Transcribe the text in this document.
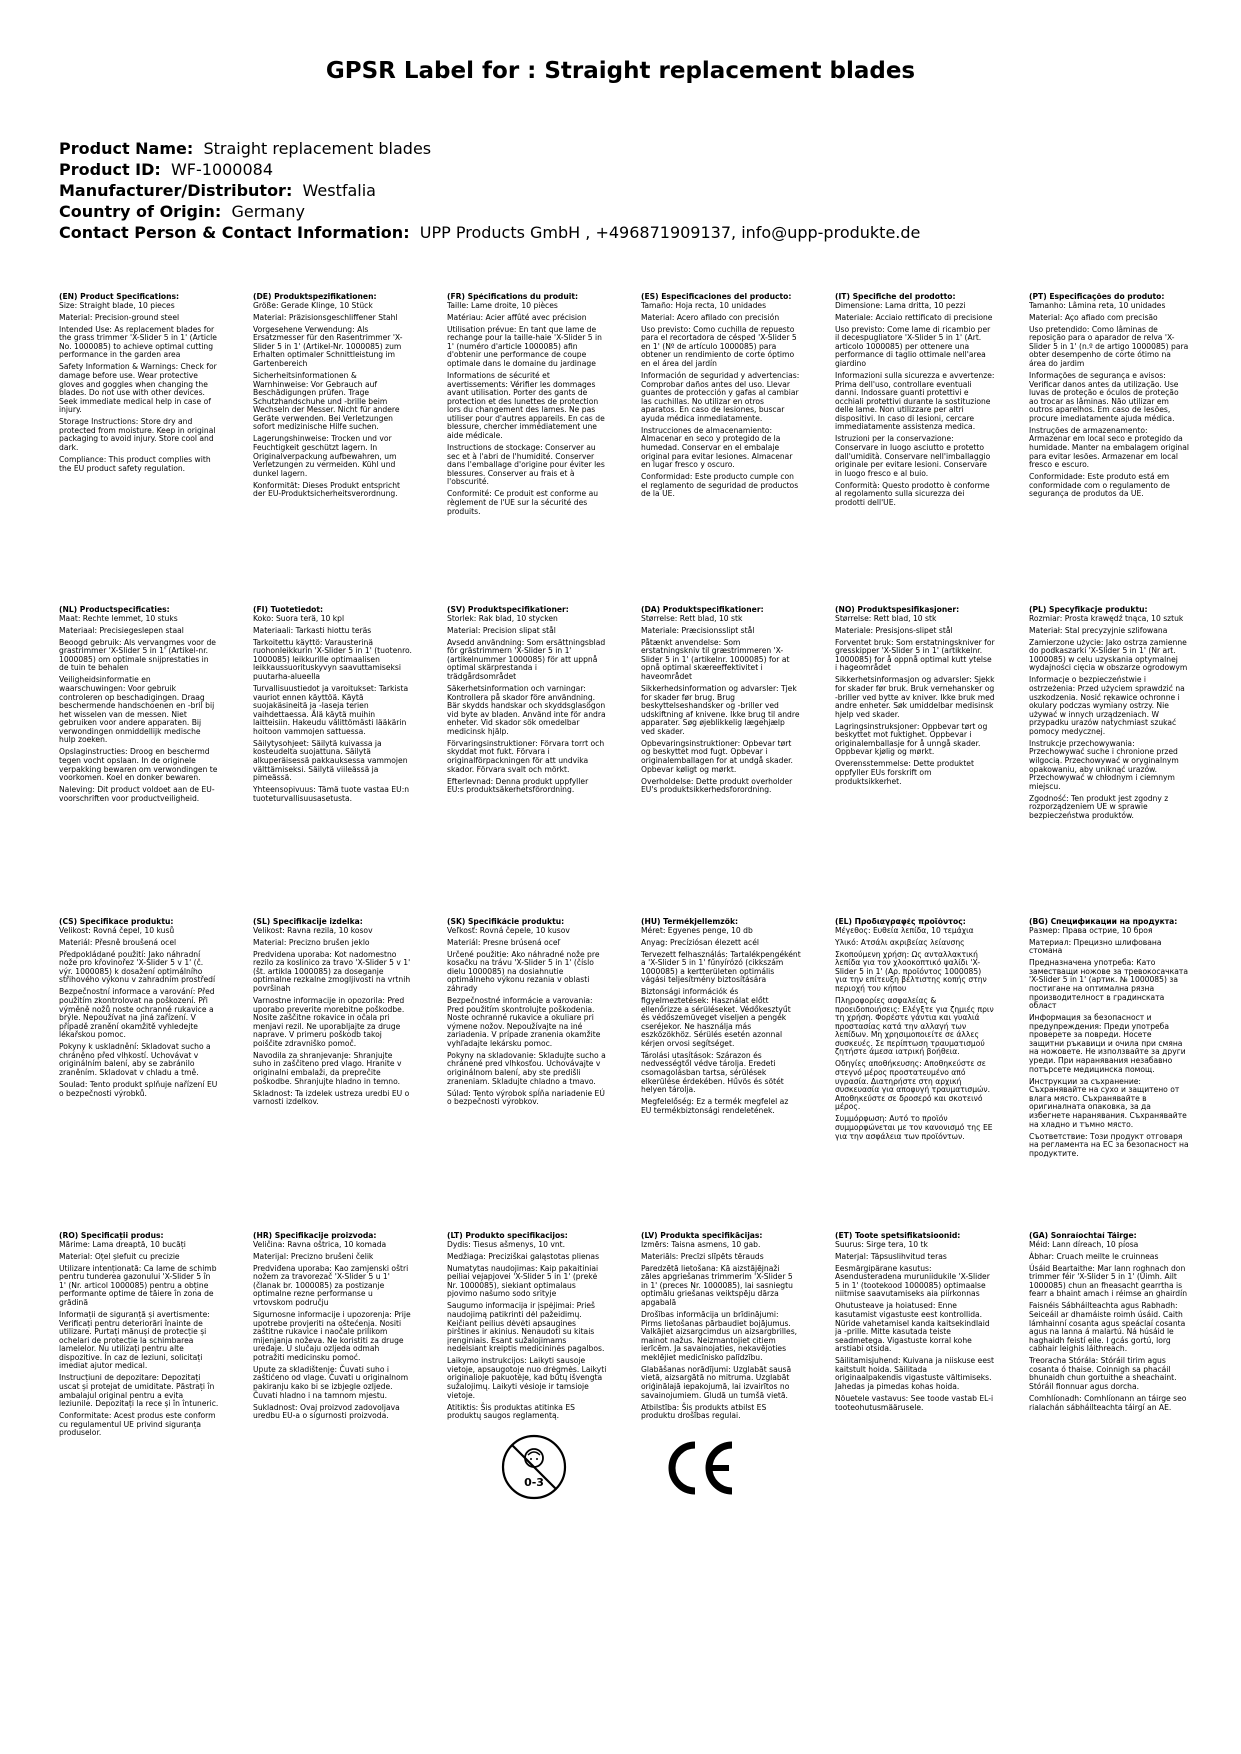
GPSR Label for : Straight replacement blades
Product Name: Straight replacement blades
Product ID: WF-1000084
Manufacturer/Distributor: Westfalia
Country of Origin: Germany
Contact Person & Contact Information: UPP Products GmbH , +496871909137, info@upp-produkte.de

(EN) Product Specifications:

Size: Straight blade, 10 pieces

Material: Precision-ground steel

Intended Use: As replacement blades for the grass trimmer 'X-Slider 5 in 1' (Article No. 1000085) to achieve optimal cutting performance in the garden area

Safety Information & Warnings: Check for damage before use. Wear protective gloves and goggles when changing the blades. Do not use with other devices. Seek immediate medical help in case of injury.

Storage Instructions: Store dry and protected from moisture. Keep in original packaging to avoid injury. Store cool and dark.

Compliance: This product complies with the EU product safety regulation.

(DE) Produktspezifikationen:

Größe: Gerade Klinge, 10 Stück

Material: Präzisionsgeschliffener Stahl

Vorgesehene Verwendung: Als Ersatzmesser für den Rasentrimmer 'X-Slider 5 in 1' (Artikel-Nr. 1000085) zum Erhalten optimaler Schnittleistung im Gartenbereich

Sicherheitsinformationen & Warnhinweise: Vor Gebrauch auf Beschädigungen prüfen. Trage Schutzhandschuhe und -brille beim Wechseln der Messer. Nicht für andere Geräte verwenden. Bei Verletzungen sofort medizinische Hilfe suchen.

Lagerungshinweise: Trocken und vor Feuchtigkeit geschützt lagern. In Originalverpackung aufbewahren, um Verletzungen zu vermeiden. Kühl und dunkel lagern.

Konformität: Dieses Produkt entspricht der EU-Produktsicherheitsverordnung.

(FR) Spécifications du produit:

Taille: Lame droite, 10 pièces

Matériau: Acier affûté avec précision

Utilisation prévue: En tant que lame de rechange pour la taille-haie 'X-Slider 5 in 1' (numéro d'article 1000085) afin d'obtenir une performance de coupe optimale dans le domaine du jardinage

Informations de sécurité et avertissements: Vérifier les dommages avant utilisation. Porter des gants de protection et des lunettes de protection lors du changement des lames. Ne pas utiliser pour d'autres appareils. En cas de blessure, chercher immédiatement une aide médicale.

Instructions de stockage: Conserver au sec et à l'abri de l'humidité. Conserver dans l'emballage d'origine pour éviter les blessures. Conserver au frais et à l'obscurité.

Conformité: Ce produit est conforme au règlement de l'UE sur la sécurité des produits.

(ES) Especificaciones del producto:

Tamaño: Hoja recta, 10 unidades

Material: Acero afilado con precisión

Uso previsto: Como cuchilla de repuesto para el recortadora de césped 'X-Slider 5 en 1' (Nº de artículo 1000085) para obtener un rendimiento de corte óptimo en el área del jardín

Información de seguridad y advertencias: Comprobar daños antes del uso. Llevar guantes de protección y gafas al cambiar las cuchillas. No utilizar en otros aparatos. En caso de lesiones, buscar ayuda médica inmediatamente.

Instrucciones de almacenamiento: Almacenar en seco y protegido de la humedad. Conservar en el embalaje original para evitar lesiones. Almacenar en lugar fresco y oscuro.

Conformidad: Este producto cumple con el reglamento de seguridad de productos de la UE.

(IT) Specifiche del prodotto:

Dimensione: Lama dritta, 10 pezzi

Materiale: Acciaio rettificato di precisione

Uso previsto: Come lame di ricambio per il decespugliatore 'X-Slider 5 in 1' (Art. articolo 1000085) per ottenere una performance di taglio ottimale nell'area giardino

Informazioni sulla sicurezza e avvertenze: Prima dell'uso, controllare eventuali danni. Indossare guanti protettivi e occhiali protettivi durante la sostituzione delle lame. Non utilizzare per altri dispositivi. In caso di lesioni, cercare immediatamente assistenza medica.

Istruzioni per la conservazione: Conservare in luogo asciutto e protetto dall'umidità. Conservare nell'imballaggio originale per evitare lesioni. Conservare in luogo fresco e al buio.

Conformità: Questo prodotto è conforme al regolamento sulla sicurezza dei prodotti dell'UE.

(PT) Especificações do produto:

Tamanho: Lâmina reta, 10 unidades

Material: Aço afiado com precisão

Uso pretendido: Como lâminas de reposição para o aparador de relva 'X-Slider 5 in 1' (n.º de artigo 1000085) para obter desempenho de corte ótimo na área do jardim

Informações de segurança e avisos: Verificar danos antes da utilização. Use luvas de proteção e óculos de proteção ao trocar as lâminas. Não utilizar em outros aparelhos. Em caso de lesões, procure imediatamente ajuda médica.

Instruções de armazenamento: Armazenar em local seco e protegido da humidade. Manter na embalagem original para evitar lesões. Armazenar em local fresco e escuro.

Conformidade: Este produto está em conformidade com o regulamento de segurança de produtos da UE.

(NL) Productspecificaties:

Maat: Rechte lemmet, 10 stuks

Materiaal: Precisiegeslepen staal

Beoogd gebruik: Als vervangmes voor de grastrimmer 'X-Slider 5 in 1' (Artikel-nr. 1000085) om optimale snijprestaties in de tuin te behalen

Veiligheidsinformatie en waarschuwingen: Voor gebruik controleren op beschadigingen. Draag beschermende handschoenen en -bril bij het wisselen van de messen. Niet gebruiken voor andere apparaten. Bij verwondingen onmiddellijk medische hulp zoeken.

Opslaginstructies: Droog en beschermd tegen vocht opslaan. In de originele verpakking bewaren om verwondingen te voorkomen. Koel en donker bewaren.

Naleving: Dit product voldoet aan de EU-voorschriften voor productveiligheid.

(FI) Tuotetiedot:

Koko: Suora terä, 10 kpl

Materiaali: Tarkasti hiottu teräs

Tarkoitettu käyttö: Varausterinä ruohonleikkurin 'X-Slider 5 in 1' (tuotenro. 1000085) leikkurille optimaalisen leikkaussuorituskyvyn saavuttamiseksi puutarha-alueella

Turvallisuustiedot ja varoitukset: Tarkista vauriot ennen käyttöä. Käytä suojakäsineitä ja -laseja terien vaihdettaessa. Älä käytä muihin laitteisiin. Hakeudu välittömästi lääkärin hoitoon vammojen sattuessa.

Säilytysohjeet: Säilytä kuivassa ja kosteudelta suojattuna. Säilytä alkuperäisessä pakkauksessa vammojen välttämiseksi. Säilytä viileässä ja pimeässä.

Yhteensopivuus: Tämä tuote vastaa EU:n tuoteturvallisuusasetusta.

(SV) Produktspecifikationer:

Storlek: Rak blad, 10 stycken

Material: Precision slipat stål

Avsedd användning: Som ersättningsblad för grästrimmern 'X-Slider 5 in 1' (artikelnummer 1000085) för att uppnå optimal skärprestanda i trädgårdsområdet

Säkerhetsinformation och varningar: Kontrollera på skador före användning. Bär skydds handskar och skyddsglasögon vid byte av bladen. Använd inte för andra enheter. Vid skador sök omedelbar medicinsk hjälp.

Förvaringsinstruktioner: Förvara torrt och skyddat mot fukt. Förvara i originalförpackningen för att undvika skador. Förvara svalt och mörkt.

Efterlevnad: Denna produkt uppfyller EU:s produktsäkerhetsförordning.

(DA) Produktspecifikationer:

Størrelse: Rett blad, 10 stk

Materiale: Præcisionsslipt stål

Påtænkt anvendelse: Som erstatningskniv til græstrimmeren 'X-Slider 5 in 1' (artikelnr. 1000085) for at opnå optimal skæreeffektivitet i haveområdet

Sikkerhedsinformation og advarsler: Tjek for skader før brug. Brug beskyttelseshandsker og -briller ved udskiftning af knivene. Ikke brug til andre apparater. Søg øjeblikkelig lægehjælp ved skader.

Opbevaringsinstruktioner: Opbevar tørt og beskyttet mod fugt. Opbevar i originalemballagen for at undgå skader. Opbevar køligt og mørkt.

Overholdelse: Dette produkt overholder EU's produktsikkerhedsforordning.

(NO) Produktspesifikasjoner:

Størrelse: Rett blad, 10 stk

Materiale: Presisjons-slipet stål

Forventet bruk: Som erstatningskniver for gresskipper 'X-Slider 5 in 1' (artikkelnr. 1000085) for å oppnå optimal kutt ytelse i hageområdet

Sikkerhetsinformasjon og advarsler: Sjekk for skader før bruk. Bruk vernehansker og -briller ved bytte av kniver. Ikke bruk med andre enheter. Søk umiddelbar medisinsk hjelp ved skader.

Lagringsinstruksjoner: Oppbevar tørt og beskyttet mot fuktighet. Oppbevar i originalemballasje for å unngå skader. Oppbevar kjølig og mørkt.

Overensstemmelse: Dette produktet oppfyller EUs forskrift om produktsikkerhet.

(PL) Specyfikacje produktu:

Rozmiar: Prosta krawędź tnąca, 10 sztuk

Materiał: Stal precyzyjnie szlifowana

Zamierzone użycie: Jako ostrza zamienne do podkaszarki 'X-Slider 5 in 1' (Nr art. 1000085) w celu uzyskania optymalnej wydajności cięcia w obszarze ogrodowym

Informacje o bezpieczeństwie i ostrzeżenia: Przed użyciem sprawdzić na uszkodzenia. Nosić rękawice ochronne i okulary podczas wymiany ostrzy. Nie używać w innych urządzeniach. W przypadku urazów natychmiast szukać pomocy medycznej.

Instrukcje przechowywania: Przechowywać suche i chronione przed wilgocią. Przechowywać w oryginalnym opakowaniu, aby uniknąć urazów. Przechowywać w chłodnym i ciemnym miejscu.

Zgodność: Ten produkt jest zgodny z rozporządzeniem UE w sprawie bezpieczeństwa produktów.

(CS) Specifikace produktu:

Velikost: Rovná čepel, 10 kusů

Materiál: Přesně broušená ocel

Předpokládané použití: Jako náhradní nože pro křovinořez 'X-Slider 5 v 1' (č. výr. 1000085) k dosažení optimálního střihového výkonu v zahradním prostředí

Bezpečnostní informace a varování: Před použitím zkontrolovat na poškození. Při výměně nožů noste ochranné rukavice a brýle. Nepoužívat na jiná zařízení. V případě zranění okamžitě vyhledejte lékařskou pomoc.

Pokyny k uskladnění: Skladovat sucho a chráněno před vlhkostí. Uchovávat v originálním balení, aby se zabránilo zraněním. Skladovat v chladu a tmě.

Soulad: Tento produkt splňuje nařízení EU o bezpečnosti výrobků.

(SL) Specifikacije izdelka:

Velikost: Ravna rezila, 10 kosov

Material: Precizno brušen jeklo

Predvidena uporaba: Kot nadomestno rezilo za koslinico za travo 'X-Slider 5 v 1' (št. artikla 1000085) za doseganje optimalne rezkalne zmogljivosti na vrtnih površinah

Varnostne informacije in opozorila: Pred uporabo preverite morebitne poškodbe. Nosite zaščitne rokavice in očala pri menjavi rezil. Ne uporabljajte za druge naprave. V primeru poškodb takoj poiščite zdravniško pomoč.

Navodila za shranjevanje: Shranjujte suho in zaščiteno pred vlago. Hranite v originalni embalaži, da preprečite poškodbe. Shranjujte hladno in temno.

Skladnost: Ta izdelek ustreza uredbi EU o varnosti izdelkov.

(SK) Špecifikácie produktu:

Veľkosť: Rovná čepele, 10 kusov

Materiál: Presne brúsená oceľ

Určené použitie: Ako náhradné nože pre kosačku na trávu 'X-Slider 5 in 1' (číslo dielu 1000085) na dosiahnutie optimálneho výkonu rezania v oblasti záhrady

Bezpečnostné informácie a varovania: Pred použitím skontrolujte poškodenia. Noste ochranné rukavice a okuliare pri výmene nožov. Nepoužívajte na iné zariadenia. V prípade zranenia okamžite vyhľadajte lekársku pomoc.

Pokyny na skladovanie: Skladujte sucho a chránené pred vlhkosťou. Uchovávajte v originálnom balení, aby ste predišli zraneniam. Skladujte chladno a tmavo.

Súlad: Tento výrobok spĺňa nariadenie EÚ o bezpečnosti výrobkov.

(HU) Termékjellemzők:

Méret: Egyenes penge, 10 db

Anyag: Precíziósan élezett acél

Tervezett felhasználás: Tartalékpengéként a 'X-Slider 5 in 1' fűnyírózó (cikkszám 1000085) a kertterületen optimális vágási teljesítmény biztosítására

Biztonsági információk és figyelmeztetések: Használat előtt ellenőrizze a sérüléseket. Védőkesztyűt és védőszemüveget viseljen a pengék cseréjekor. Ne használja más eszközökhöz. Sérülés esetén azonnal kérjen orvosi segítséget.

Tárolási utasítások: Szárazon és nedvességtől védve tárolja. Eredeti csomagolásban tartsa, sérülések elkerülése érdekében. Hűvös és sötét helyen tárolja.

Megfelelőség: Ez a termék megfelel az EU termékbiztonsági rendeletének.

(EL) Προδιαγραφές προϊόντος:

Μέγεθος: Ευθεία λεπίδα, 10 τεμάχια

Υλικό: Ατσάλι ακριβείας λείανσης

Σκοπούμενη χρήση: Ως ανταλλακτική λεπίδα για τον χλοοκοπτικό ψαλίδι 'X-Slider 5 in 1' (Αρ. προϊόντος 1000085) για την επίτευξη βέλτιστης κοπής στην περιοχή του κήπου

Πληροφορίες ασφαλείας & προειδοποιήσεις: Ελέγξτε για ζημιές πριν τη χρήση. Φορέστε γάντια και γυαλιά προστασίας κατά την αλλαγή των λεπίδων. Μη χρησιμοποιείτε σε άλλες συσκευές. Σε περίπτωση τραυματισμού ζητήστε άμεσα ιατρική βοήθεια.

Οδηγίες αποθήκευσης: Αποθηκεύστε σε στεγνό μέρος προστατευμένο από υγρασία. Διατηρήστε στη αρχική συσκευασία για αποφυγή τραυματισμών. Αποθηκεύστε σε δροσερό και σκοτεινό μέρος.

Συμμόρφωση: Αυτό το προϊόν συμμορφώνεται με τον κανονισμό της ΕΕ για την ασφάλεια των προϊόντων.

(BG) Спецификации на продукта:

Размер: Права острие, 10 броя

Материал: Прецизно шлифована стомана

Предназначена употреба: Като заместващи ножове за тревокосачката 'X-Slider 5 in 1' (артик. № 1000085) за постигане на оптимална рязна производителност в градинската област

Информация за безопасност и предупреждения: Преди употреба проверете за повреди. Носете защитни ръкавици и очила при смяна на ножовете. Не използвайте за други уреди. При наранявания незабавно потърсете медицинска помощ.

Инструкции за съхранение: Съхранявайте на сухо и защитено от влага място. Съхранявайте в оригиналната опаковка, за да избегнете наранявания. Съхранявайте на хладно и тъмно място.

Съответствие: Този продукт отговаря на регламента на ЕС за безопасност на продуктите.

(RO) Specificații produs:

Mărime: Lama dreaptă, 10 bucăți

Material: Oțel șlefuit cu precizie

Utilizare intenționată: Ca lame de schimb pentru tunderea gazonului 'X-Slider 5 în 1' (Nr. articol 1000085) pentru a obține performante optime de tăiere în zona de grădină

Informații de siguranță și avertismente: Verificați pentru deteriorări înainte de utilizare. Purtați mănuși de protecție și ochelari de protecție la schimbarea lamelelor. Nu utilizați pentru alte dispozitive. În caz de leziuni, solicitați imediat ajutor medical.

Instrucțiuni de depozitare: Depozitați uscat și protejat de umiditate. Păstrați în ambalajul original pentru a evita leziunile. Depozitați la rece și în întuneric.

Conformitate: Acest produs este conform cu regulamentul UE privind siguranța produselor.

(HR) Specifikacije proizvoda:

Veličina: Ravna oštrica, 10 komada

Materijal: Precizno brušeni čelik

Predviđena uporaba: Kao zamjenski oštri nožem za travorezač 'X-Slider 5 u 1' (članak br. 1000085) za postizanje optimalne rezne performanse u vrtovskom području

Sigurnosne informacije i upozorenja: Prije upotrebe provjeriti na oštećenja. Nositi zaštitne rukavice i naočale prilikom mijenjanja noževa. Ne koristiti za druge uređaje. U slučaju ozljeda odmah potražiti medicinsku pomoć.

Upute za skladištenje: Čuvati suho i zaštićeno od vlage. Čuvati u originalnom pakiranju kako bi se izbjegle ozljede. Čuvati hladno i na tamnom mjestu.

Sukladnost: Ovaj proizvod zadovoljava uredbu EU-a o sigurnosti proizvoda.

(LT) Produkto specifikacijos:

Dydis: Tiesus ašmenys, 10 vnt.

Medžiaga: Preciziškai galąstotas plienas

Numatytas naudojimas: Kaip pakaitiniai peiliai vejapjovei 'X-Slider 5 in 1' (prekė Nr. 1000085), siekiant optimalaus pjovimo našumo sodo srityje

Saugumo informacija ir įspėjimai: Prieš naudojimą patikrinti dėl pažeidimų. Keičiant peilius dėvėti apsaugines pirštines ir akinius. Nenaudoti su kitais įrenginiais. Esant sužalojimams nedelsiant kreiptis medicininės pagalbos.

Laikymo instrukcijos: Laikyti sausoje vietoje, apsaugotoje nuo drėgmės. Laikyti originalioje pakuotėje, kad būtų išvengta sužalojimų. Laikyti vėsioje ir tamsioje vietoje.

Atitiktis: Šis produktas atitinka ES produktų saugos reglamentą.

(LV) Produkta specifikācijas:

Izmērs: Taisna asmens, 10 gab.

Materiāls: Precīzi slīpēts tērauds

Paredzētā lietošana: Kā aizstājējnaži zāles apgriešanas trimmerim 'X-Slider 5 in 1' (preces Nr. 1000085), lai sasniegtu optimālu griešanas veiktspēju dārza apgabalā

Drošības informācija un brīdinājumi: Pirms lietošanas pārbaudiet bojājumus. Valkājiet aizsargcimdus un aizsargbrilles, mainot nažus. Neizmantojiet citiem ierīcēm. Ja savainojaties, nekavējoties meklējiet medicīnisko palīdzību.

Glabāšanas norādījumi: Uzglabāt sausā vietā, aizsargātā no mitruma. Uzglabāt oriģinālajā iepakojumā, lai izvairītos no savainojumiem. Gludā un tumšā vietā.

Atbilstība: Šis produkts atbilst ES produktu drošības regulai.

(ET) Toote spetsifikatsioonid:

Suurus: Sirge tera, 10 tk

Materjal: Täpsuslihvitud teras

Eesmärgipärane kasutus: Asendusteradena muruniidukile 'X-Slider 5 in 1' (tootekood 1000085) optimaalse niitmise saavutamiseks aia piirkonnas

Ohutusteave ja hoiatused: Enne kasutamist vigastuste eest kontrollida. Nüride vahetamisel kanda kaitsekindlaid ja -prille. Mitte kasutada teiste seadmetega. Vigastuste korral kohe arstiabi otsida.

Säilitamisjuhend: Kuivana ja niiskuse eest kaitstult hoida. Säilitada originaalpakendis vigastuste vältimiseks. Jahedas ja pimedas kohas hoida.

Nõuetele vastavus: See toode vastab EL-i tooteohutusmäärusele.

(GA) Sonraíochtaí Táirge:

Méid: Lann díreach, 10 píosa

Ábhar: Cruach meilte le cruinneas

Úsáid Beartaithe: Mar lann roghnach don trimmer féir 'X-Slider 5 in 1' (Uimh. Ailt 1000085) chun an fheasacht gearrtha is fearr a bhaint amach i réimse an ghairdín

Faisnéis Sábháilteachta agus Rabhadh: Seiceáil ar dhamáiste roimh úsáid. Caith lámhainní cosanta agus speáclaí cosanta agus na lanna á malartú. Ná húsáid le haghaidh feistí eile. I gcás gortú, lorg cabhair leighis láithreach.

Treoracha Stórála: Stóráil tirim agus cosanta ó thaise. Coinnigh sa phacáil bhunaidh chun gortuithe a sheachaint. Stóráil fionnuar agus dorcha.

Comhlíonadh: Comhlíonann an táirge seo rialachán sábháilteachta táirgí an AE.

0-3
